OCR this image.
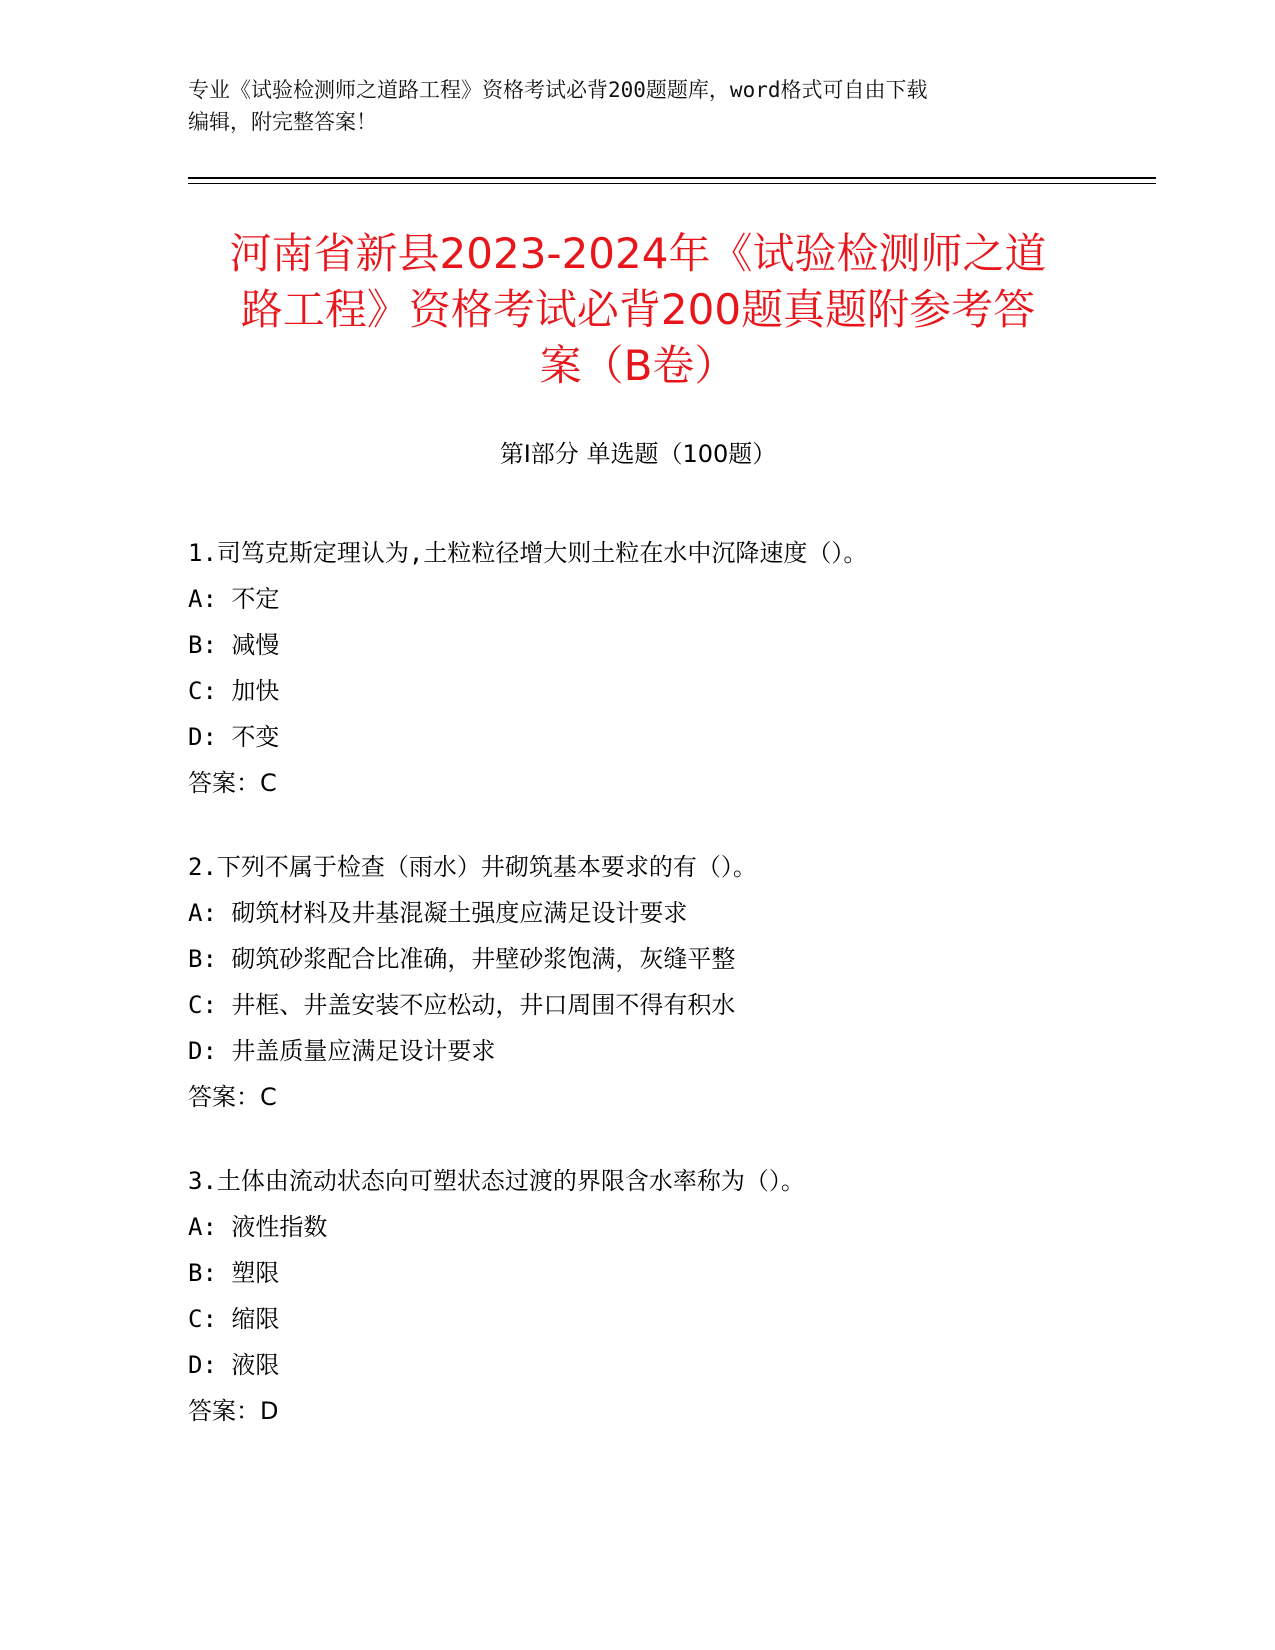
专业《试验检测师之道路工程》资格考试必背200题题库，word格式可自由下载
编辑，附完整答案！
河南省新县2023-2024年《试验检测师之道
路工程》资格考试必背200题真题附参考答
案（B卷）
第Ⅰ部分 单选题（100题）
1.司笃克斯定理认为,土粒粒径增大则土粒在水中沉降速度（）。
A: 不定
B: 减慢
C: 加快
D: 不变
答案：C
2.下列不属于检查（雨水）井砌筑基本要求的有（）。
A: 砌筑材料及井基混凝土强度应满足设计要求
B: 砌筑砂浆配合比准确，井壁砂浆饱满，灰缝平整
C: 井框、井盖安装不应松动，井口周围不得有积水
D: 井盖质量应满足设计要求
答案：C
3.土体由流动状态向可塑状态过渡的界限含水率称为（）。
A: 液性指数
B: 塑限
C: 缩限
D: 液限
答案：D
